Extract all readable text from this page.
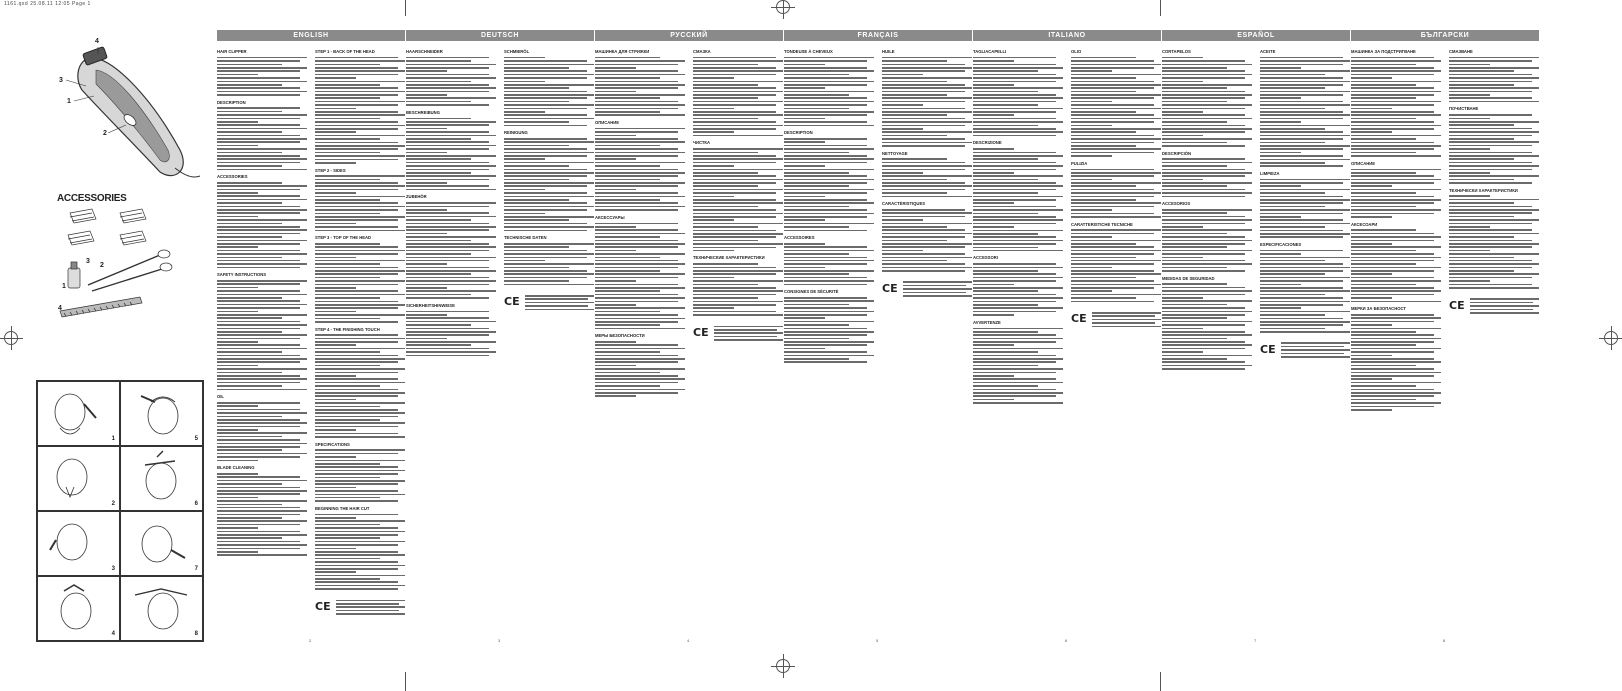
1161.qxd 25.08.11 12:05 Page 1
4
3
1
2
ACCESSORIES
3
2
1
4
1	5
2	6
3	7
4	8
ENGLISH
HAIR CLIPPER
DESCRIPTION
ACCESSORIES
SAFETY INSTRUCTIONS
OIL
BLADE CLEANING
STEP 1 - BACK OF THE HEAD
STEP 2 - SIDES
STEP 3 - TOP OF THE HEAD
STEP 4 - THE FINISHING TOUCH
SPECIFICATIONS
BEGINNING THE HAIR CUT
CE
2
DEUTSCH
HAARSCHNEIDER
BESCHREIBUNG
ZUBEHÖR
SICHERHEITSHINWEISE
SCHMIERÖL
REINIGUNG
TECHNISCHE DATEN
CE
3
РУССКИЙ
МАШИНКА ДЛЯ СТРИЖКИ
ОПИСАНИЕ
АКСЕССУАРЫ
МЕРЫ БЕЗОПАСНОСТИ
СМАЗКА
ЧИСТКА
ТЕХНИЧЕСКИЕ ХАРАКТЕРИСТИКИ
CE
4
FRANÇAIS
TONDEUSE À CHEVEUX
DESCRIPTION
ACCESSOIRES
CONSIGNES DE SÉCURITÉ
HUILE
NETTOYAGE
CARACTÉRISTIQUES
CE
5
ITALIANO
TAGLIACAPELLI
DESCRIZIONE
ACCESSORI
AVVERTENZE
OLIO
PULIZIA
CARATTERISTICHE TECNICHE
CE
6
ESPAÑOL
CORTAPELOS
DESCRIPCIÓN
ACCESORIOS
MEDIDAS DE SEGURIDAD
ACEITE
LIMPIEZA
ESPECIFICACIONES
CE
7
БЪЛГАРСКИ
МАШИНКА ЗА ПОДСТРИГВАНЕ
ОПИСАНИЕ
АКСЕСОАРИ
МЕРКИ ЗА БЕЗОПАСНОСТ
СМАЗВАНЕ
ПОЧИСТВАНЕ
ТЕХНИЧЕСКИ ХАРАКТЕРИСТИКИ
CE
8
